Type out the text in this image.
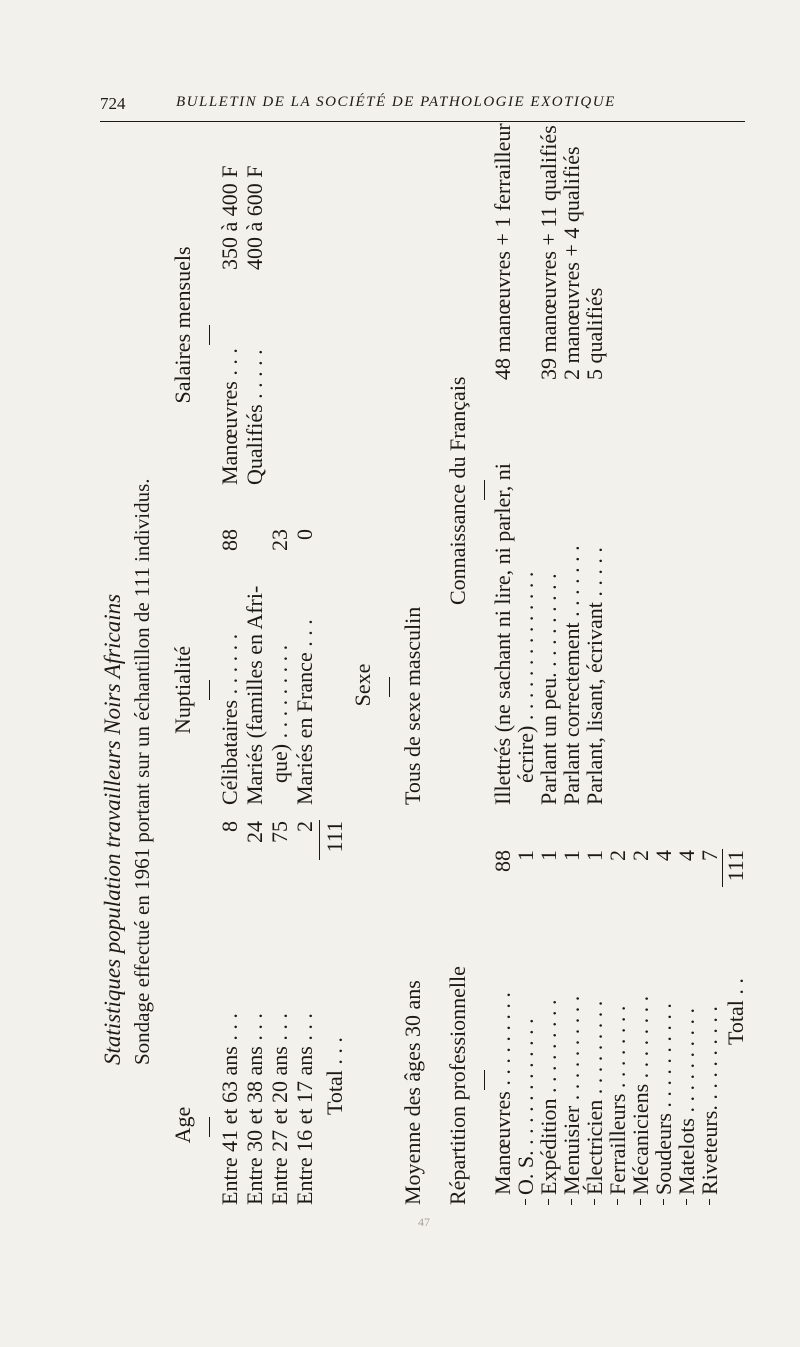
724	BULLETIN DE LA SOCIÉTÉ DE PATHOLOGIE EXOTIQUE
Statistiques population travailleurs Noirs Africains Sondage effectué en 1961 portant sur un échantillon de 111 individus.
Age Entre 41 et 63 ans . . .
8
Entre 30 et 38 ans . . .
24
Entre 27 et 20 ans . . .
75
Entre 16 et 17 ans . . .
2
Total . . .
111
Nuptialité Célibataires . . . . . .
88
Mariés (familles en Afri- que) . . . . . . . . .
23
Mariés en France . . .
0
Salaires mensuels
Manœuvres . . .
350 à 400 F
Qualifiés . . . . .
400 à 600 F
Moyenne des âges 30 ans
Sexe Tous de sexe masculin
Répartition professionnelle Manœuvres . . . . . . . . .
88
O. S. . . . . . . . . . . . .
1
Expédition . . . . . . . . .
1
Menuisier . . . . . . . . . .
1
Électricien . . . . . . . . .
1
Ferrailleurs . . . . . . . .
2
Mécaniciens . . . . . . . .
2
Soudeurs . . . . . . . . . .
4
Matelots . . . . . . . . . .
4
Riveteurs. . . . . . . . . .
7
Total . .
111
Connaissance du Français Illettrés (ne sachant ni lire, ni parler, ni
48 manœuvres + 1 ferrailleur
écrire) . . . . . . . . . . . . . .
Parlant un peu. . . . . . . . . .
39 manœuvres + 11 qualifiés
Parlant correctement . . . . . . .
2 manœuvres + 4 qualifiés
Parlant, lisant, écrivant . . . . .
5 qualifiés
47
